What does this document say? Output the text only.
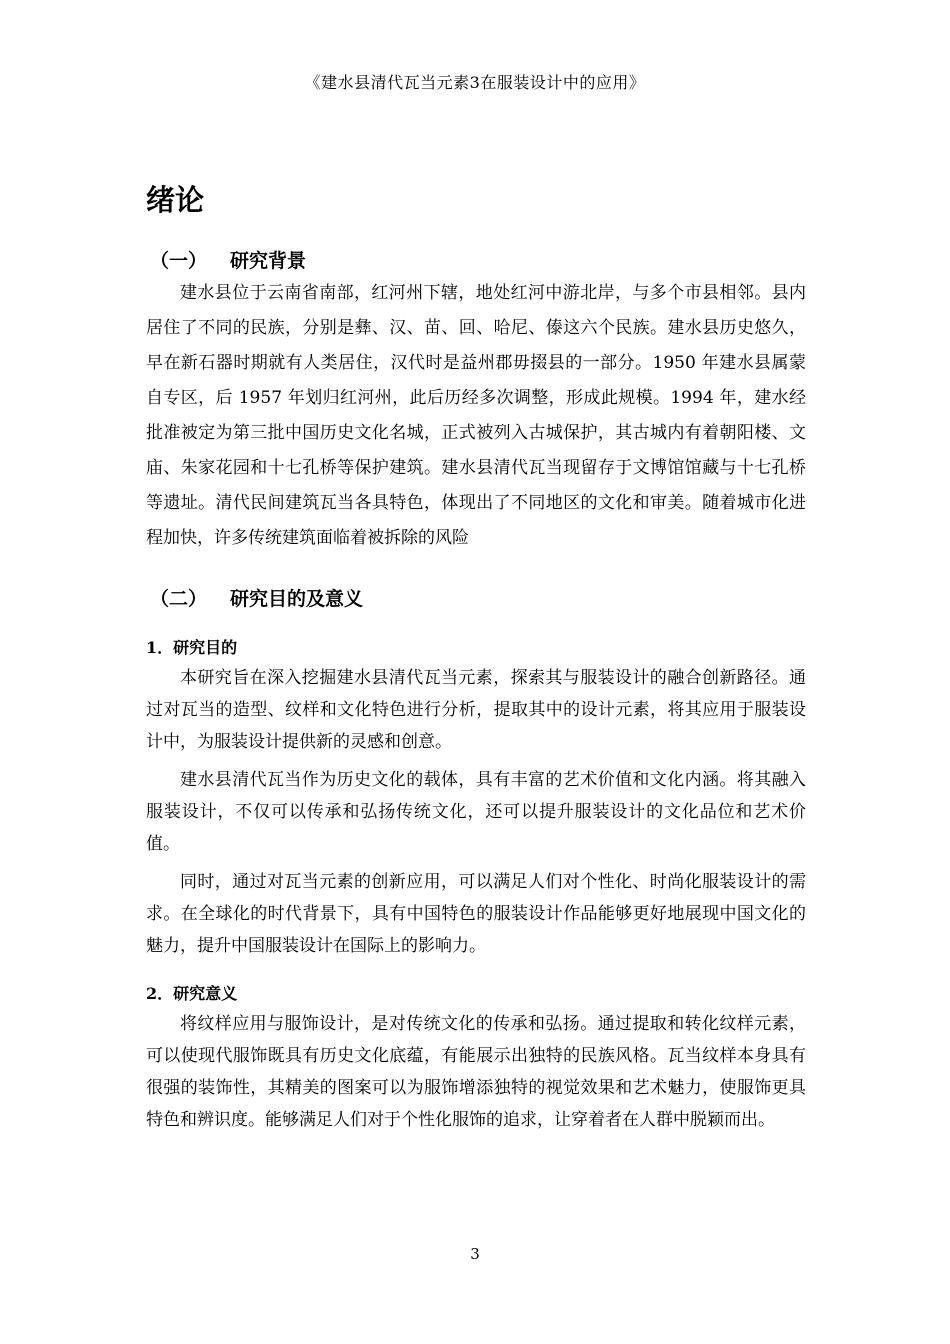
《建水县清代瓦当元素3在服装设计中的应用》
绪论
（一） 研究背景

建水县位于云南省南部，红河州下辖，地处红河中游北岸，与多个市县相邻。县内居住了不同的民族，分别是彝、汉、苗、回、哈尼、傣这六个民族。建水县历史悠久，早在新石器时期就有人类居住，汉代时是益州郡毋掇县的一部分。1950 年建水县属蒙自专区，后 1957 年划归红河州，此后历经多次调整，形成此规模。1994 年，建水经批准被定为第三批中国历史文化名城，正式被列入古城保护，其古城内有着朝阳楼、文庙、朱家花园和十七孔桥等保护建筑。建水县清代瓦当现留存于文博馆馆藏与十七孔桥等遗址。清代民间建筑瓦当各具特色，体现出了不同地区的文化和审美。随着城市化进程加快，许多传统建筑面临着被拆除的风险

（二） 研究目的及意义
1．研究目的

本研究旨在深入挖掘建水县清代瓦当元素，探索其与服装设计的融合创新路径。通过对瓦当的造型、纹样和文化特色进行分析，提取其中的设计元素，将其应用于服装设计中，为服装设计提供新的灵感和创意。

建水县清代瓦当作为历史文化的载体，具有丰富的艺术价值和文化内涵。将其融入服装设计，不仅可以传承和弘扬传统文化，还可以提升服装设计的文化品位和艺术价值。

同时，通过对瓦当元素的创新应用，可以满足人们对个性化、时尚化服装设计的需求。在全球化的时代背景下，具有中国特色的服装设计作品能够更好地展现中国文化的魅力，提升中国服装设计在国际上的影响力。

2．研究意义

将纹样应用与服饰设计，是对传统文化的传承和弘扬。通过提取和转化纹样元素，可以使现代服饰既具有历史文化底蕴，有能展示出独特的民族风格。瓦当纹样本身具有很强的装饰性，其精美的图案可以为服饰增添独特的视觉效果和艺术魅力，使服饰更具特色和辨识度。能够满足人们对于个性化服饰的追求，让穿着者在人群中脱颖而出。

3
